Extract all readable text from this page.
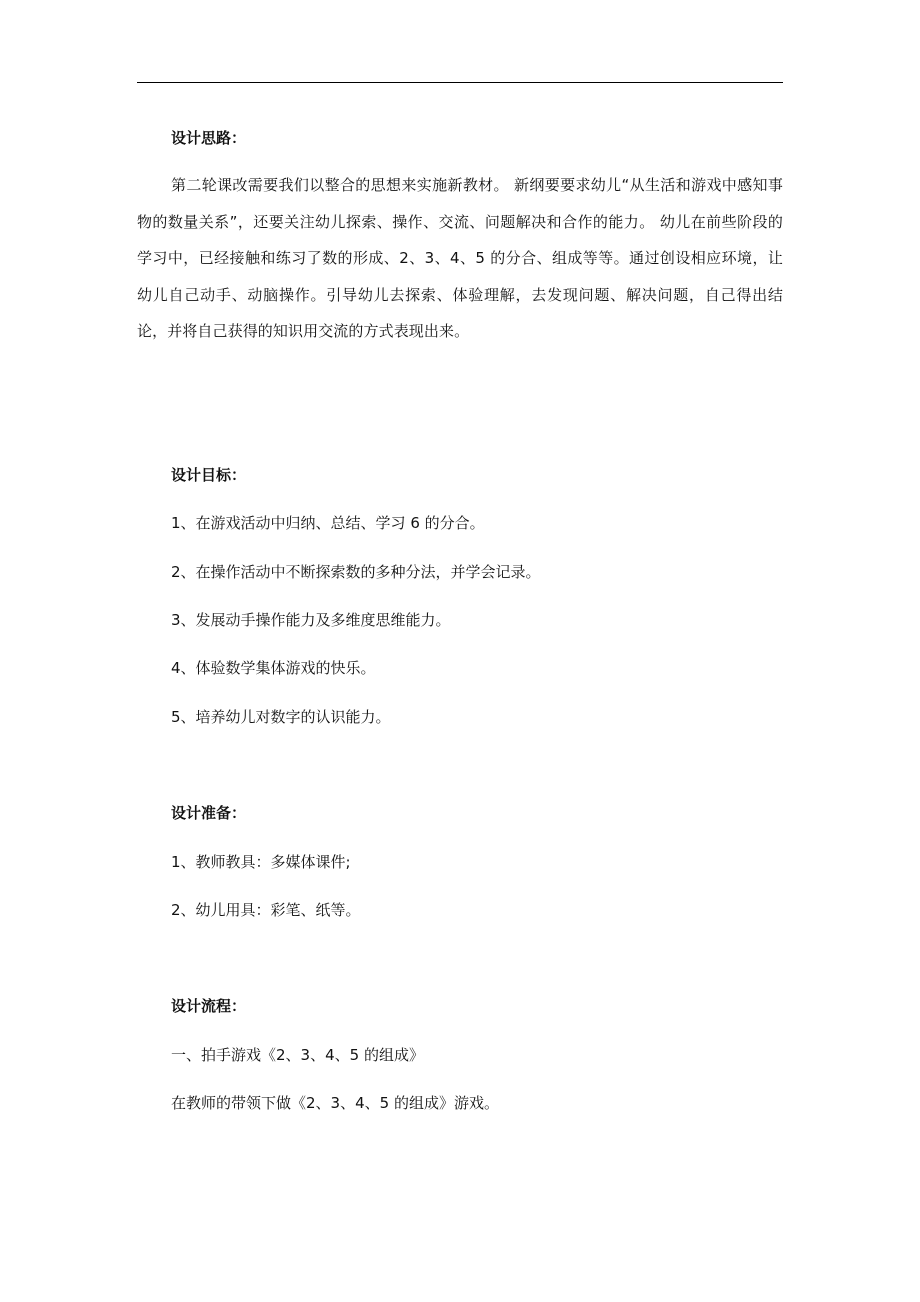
设计思路：
第二轮课改需要我们以整合的思想来实施新教材。 新纲要要求幼儿“从生活和游戏中感知事物的数量关系”，还要关注幼儿探索、操作、交流、问题解决和合作的能力。 幼儿在前些阶段的学习中，已经接触和练习了数的形成、2、3、4、5 的分合、组成等等。通过创设相应环境，让幼儿自己动手、动脑操作。引导幼儿去探索、体验理解，去发现问题、解决问题，自己得出结论，并将自己获得的知识用交流的方式表现出来。
设计目标：
1、在游戏活动中归纳、总结、学习 6 的分合。
2、在操作活动中不断探索数的多种分法，并学会记录。
3、发展动手操作能力及多维度思维能力。
4、体验数学集体游戏的快乐。
5、培养幼儿对数字的认识能力。
设计准备：
1、教师教具：多媒体课件;
2、幼儿用具：彩笔、纸等。
设计流程：
一、拍手游戏《2、3、4、5 的组成》
在教师的带领下做《2、3、4、5 的组成》游戏。
